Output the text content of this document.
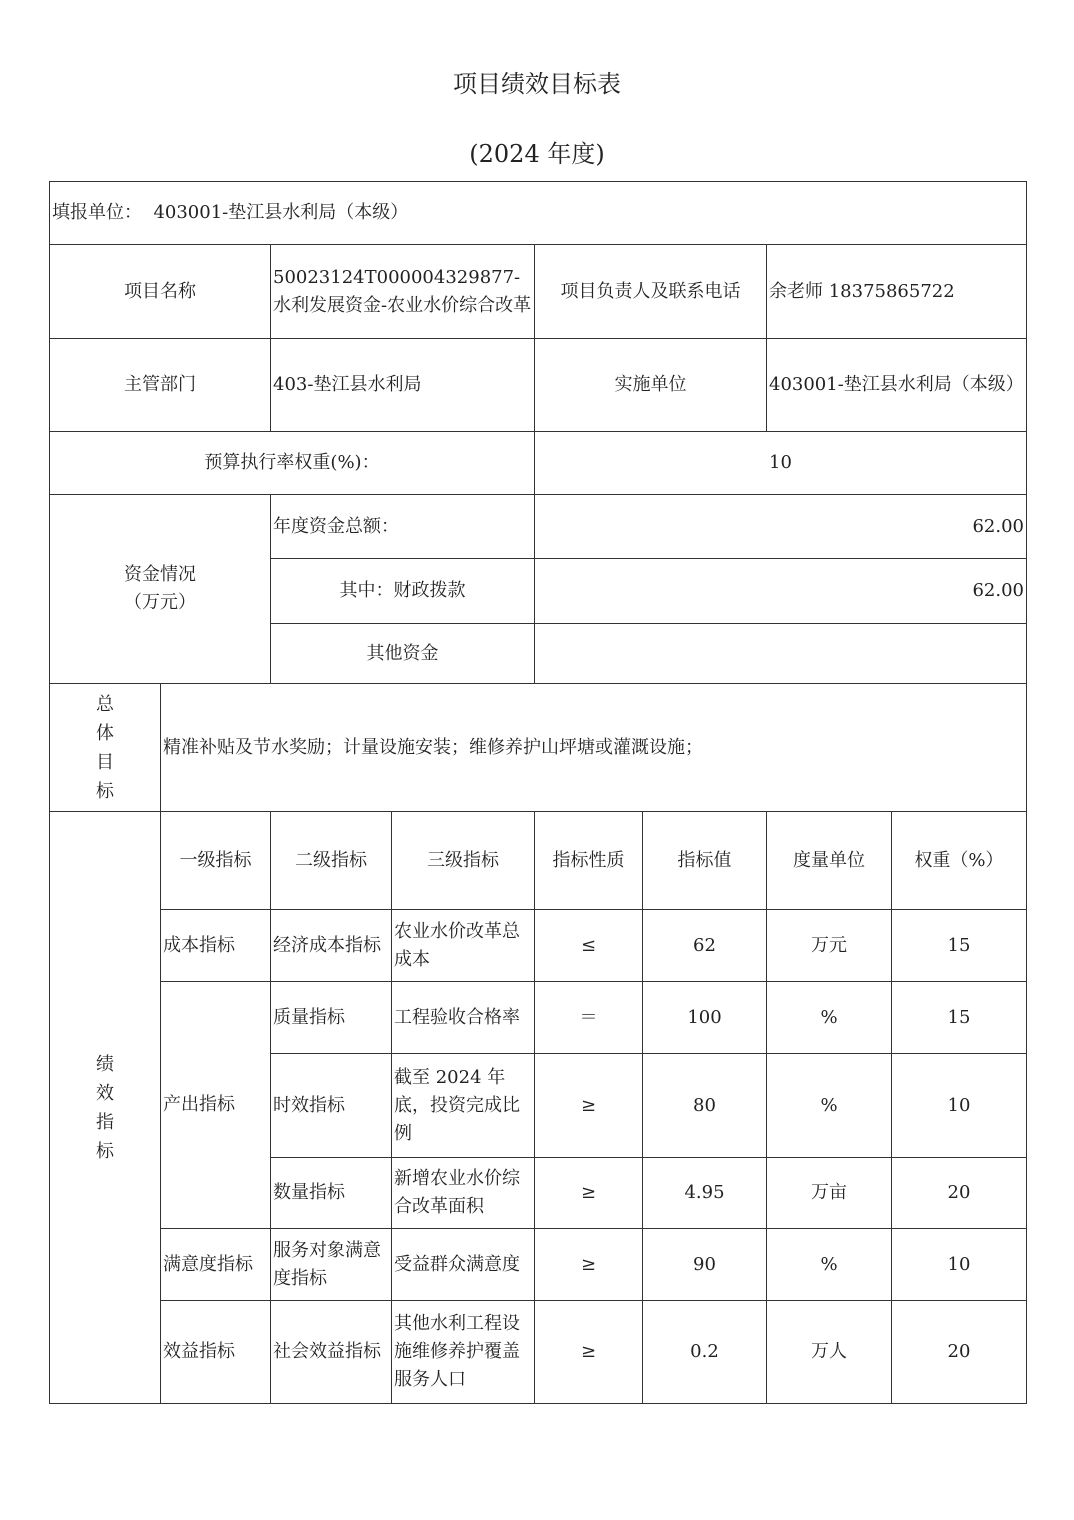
项目绩效目标表
(2024 年度)
填报单位： 403001-垫江县水利局（本级）							
项目名称		50023124T000004329877-水利发展资金-农业水价综合改革		项目负责人及联系电话		余老师 18375865722	
主管部门		403-垫江县水利局		实施单位		403001-垫江县水利局（本级）	
预算执行率权重(%)：				10			

资金情况
（万元）		年度资金总额：		62.00			
		其中：财政拨款		62.00			
		其他资金					

总
体
目
标	精准补贴及节水奖励；计量设施安装；维修养护山坪塘或灌溉设施；						

绩
效
指
标	一级指标	二级指标	三级指标	指标性质	指标值	度量单位	权重（%）
	成本指标	经济成本指标	农业水价改革总成本	≤	62	万元	15
	产出指标	质量指标	工程验收合格率	＝	100	%	15
		时效指标	截至 2024 年底，投资完成比例	≥	80	%	10
		数量指标	新增农业水价综合改革面积	≥	4.95	万亩	20
	满意度指标	服务对象满意度指标	受益群众满意度	≥	90	%	10
	效益指标	社会效益指标	其他水利工程设施维修养护覆盖服务人口	≥	0.2	万人	20
